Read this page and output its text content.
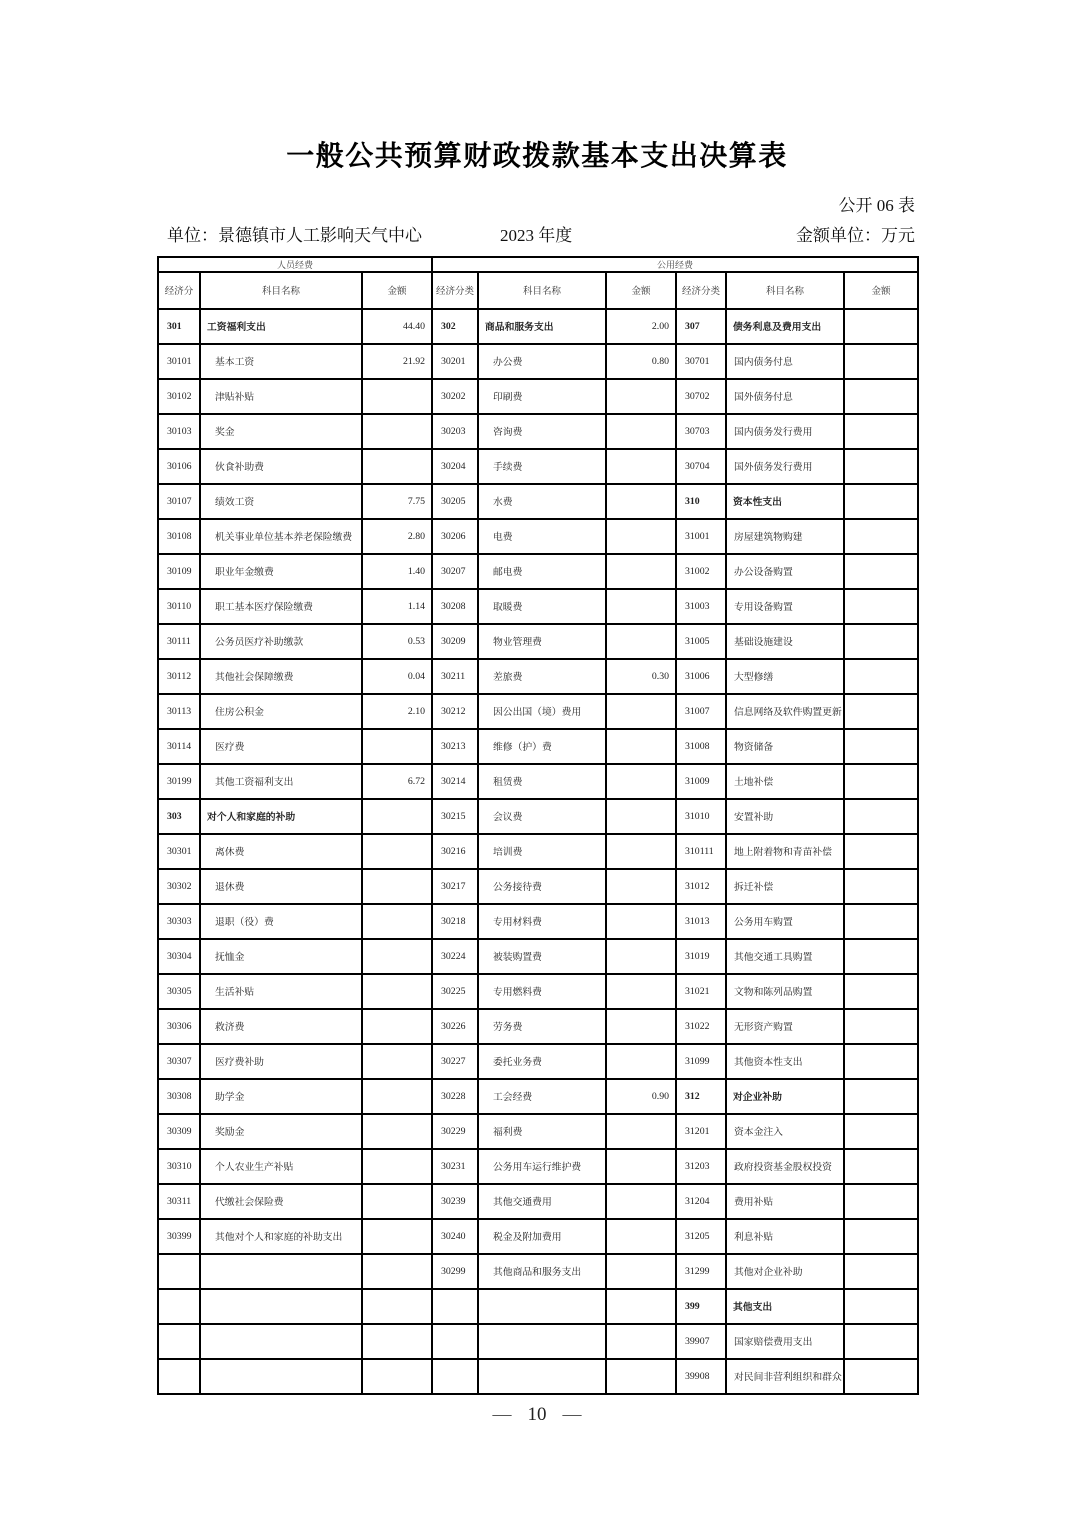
一般公共预算财政拨款基本支出决算表
公开 06 表
单位：景德镇市人工影响天气中心	2023 年度	金额单位：万元
人员经费			公用经费					
经济分	科目名称	金额	经济分类	科目名称	金额	经济分类	科目名称	金额
301	工资福利支出	44.40	302	商品和服务支出	2.00	307	债务利息及费用支出	
30101	基本工资	21.92	30201	办公费	0.80	30701	国内债务付息	
30102	津贴补贴		30202	印刷费		30702	国外债务付息	
30103	奖金		30203	咨询费		30703	国内债务发行费用	
30106	伙食补助费		30204	手续费		30704	国外债务发行费用	
30107	绩效工资	7.75	30205	水费		310	资本性支出	
30108	机关事业单位基本养老保险缴费	2.80	30206	电费		31001	房屋建筑物购建	
30109	职业年金缴费	1.40	30207	邮电费		31002	办公设备购置	
30110	职工基本医疗保险缴费	1.14	30208	取暖费		31003	专用设备购置	
30111	公务员医疗补助缴款	0.53	30209	物业管理费		31005	基础设施建设	
30112	其他社会保障缴费	0.04	30211	差旅费	0.30	31006	大型修缮	
30113	住房公积金	2.10	30212	因公出国（境）费用		31007	信息网络及软件购置更新	
30114	医疗费		30213	维修（护）费		31008	物资储备	
30199	其他工资福利支出	6.72	30214	租赁费		31009	土地补偿	
303	对个人和家庭的补助		30215	会议费		31010	安置补助	
30301	离休费		30216	培训费		310111	地上附着物和青苗补偿	
30302	退休费		30217	公务接待费		31012	拆迁补偿	
30303	退职（役）费		30218	专用材料费		31013	公务用车购置	
30304	抚恤金		30224	被装购置费		31019	其他交通工具购置	
30305	生活补贴		30225	专用燃料费		31021	文物和陈列品购置	
30306	救济费		30226	劳务费		31022	无形资产购置	
30307	医疗费补助		30227	委托业务费		31099	其他资本性支出	
30308	助学金		30228	工会经费	0.90	312	对企业补助	
30309	奖励金		30229	福利费		31201	资本金注入	
30310	个人农业生产补贴		30231	公务用车运行维护费		31203	政府投资基金股权投资	
30311	代缴社会保险费		30239	其他交通费用		31204	费用补贴	
30399	其他对个人和家庭的补助支出		30240	税金及附加费用		31205	利息补贴	
			30299	其他商品和服务支出		31299	其他对企业补助	
						399	其他支出	
						39907	国家赔偿费用支出	
						39908	对民间非营利组织和群众	
— 10 —
